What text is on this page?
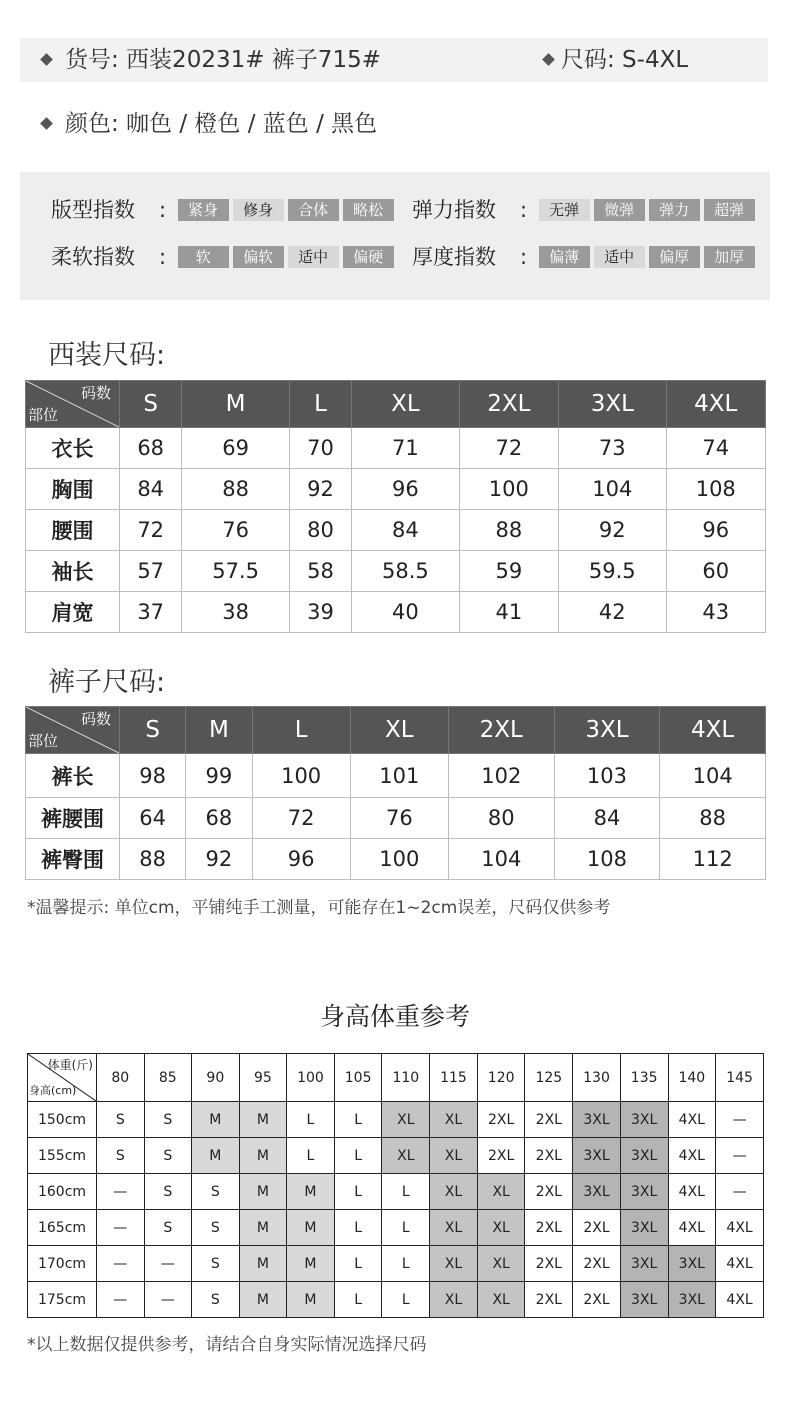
货号: 西装20231# 裤子715#	尺码: S-4XL
颜色: 咖色 / 橙色 / 蓝色 / 黑色
版型指数 : 紧身 修身 合体 略松	弹力指数 : 无弹 微弹 弹力 超弹
柔软指数 : 软 偏软 适中 偏硬	厚度指数 : 偏薄 适中 偏厚 加厚
西装尺码:
码数
部位	S	M	L	XL	2XL	3XL	4XL
衣长	68	69	70	71	72	73	74
胸围	84	88	92	96	100	104	108
腰围	72	76	80	84	88	92	96
袖长	57	57.5	58	58.5	59	59.5	60
肩宽	37	38	39	40	41	42	43
裤子尺码:
码数
部位	S	M	L	XL	2XL	3XL	4XL
裤长	98	99	100	101	102	103	104
裤腰围	64	68	72	76	80	84	88
裤臀围	88	92	96	100	104	108	112
*温馨提示: 单位cm，平铺纯手工测量，可能存在1~2cm误差，尺码仅供参考
身高体重参考
体重(斤)
身高(cm)	80	85	90	95	100	105	110	115	120	125	130	135	140	145
150cm	S	S	M	M	L	L	XL	XL	2XL	2XL	3XL	3XL	4XL	—
155cm	S	S	M	M	L	L	XL	XL	2XL	2XL	3XL	3XL	4XL	—
160cm	—	S	S	M	M	L	L	XL	XL	2XL	3XL	3XL	4XL	—
165cm	—	S	S	M	M	L	L	XL	XL	2XL	2XL	3XL	4XL	4XL
170cm	—	—	S	M	M	L	L	XL	XL	2XL	2XL	3XL	3XL	4XL
175cm	—	—	S	M	M	L	L	XL	XL	2XL	2XL	3XL	3XL	4XL
*以上数据仅提供参考，请结合自身实际情况选择尺码
